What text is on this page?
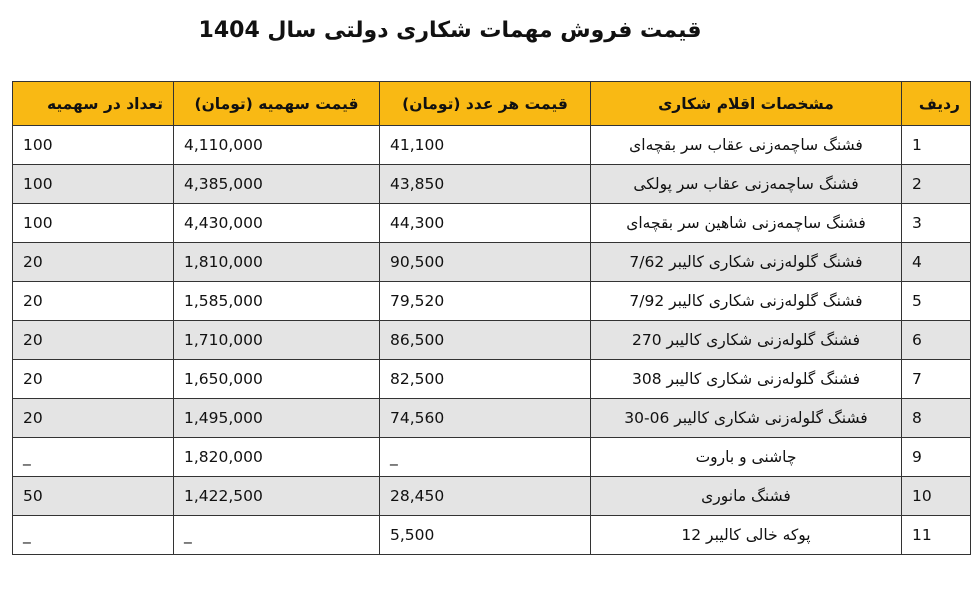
قیمت فروش مهمات شکاری دولتی سال 1404
ردیف	مشخصات اقلام شکاری	قیمت هر عدد (تومان)	قیمت سهمیه (تومان)	تعداد در سهمیه
1	فشنگ ساچمه‌زنی عقاب سر بقچه‌ای	41,100	4,110,000	100
2	فشنگ ساچمه‌زنی عقاب سر پولکی	43,850	4,385,000	100
3	فشنگ ساچمه‌زنی شاهین سر بقچه‌ای	44,300	4,430,000	100
4	فشنگ گلوله‌زنی شکاری کالیبر 7/62	90,500	1,810,000	20
5	فشنگ گلوله‌زنی شکاری کالیبر 7/92	79,520	1,585,000	20
6	فشنگ گلوله‌زنی شکاری کالیبر 270	86,500	1,710,000	20
7	فشنگ گلوله‌زنی شکاری کالیبر 308	82,500	1,650,000	20
8	فشنگ گلوله‌زنی شکاری کالیبر 06-30	74,560	1,495,000	20
9	چاشنی و باروت	_	1,820,000	_
10	فشنگ مانوری	28,450	1,422,500	50
11	پوکه خالی کالیبر 12	5,500	_	_
